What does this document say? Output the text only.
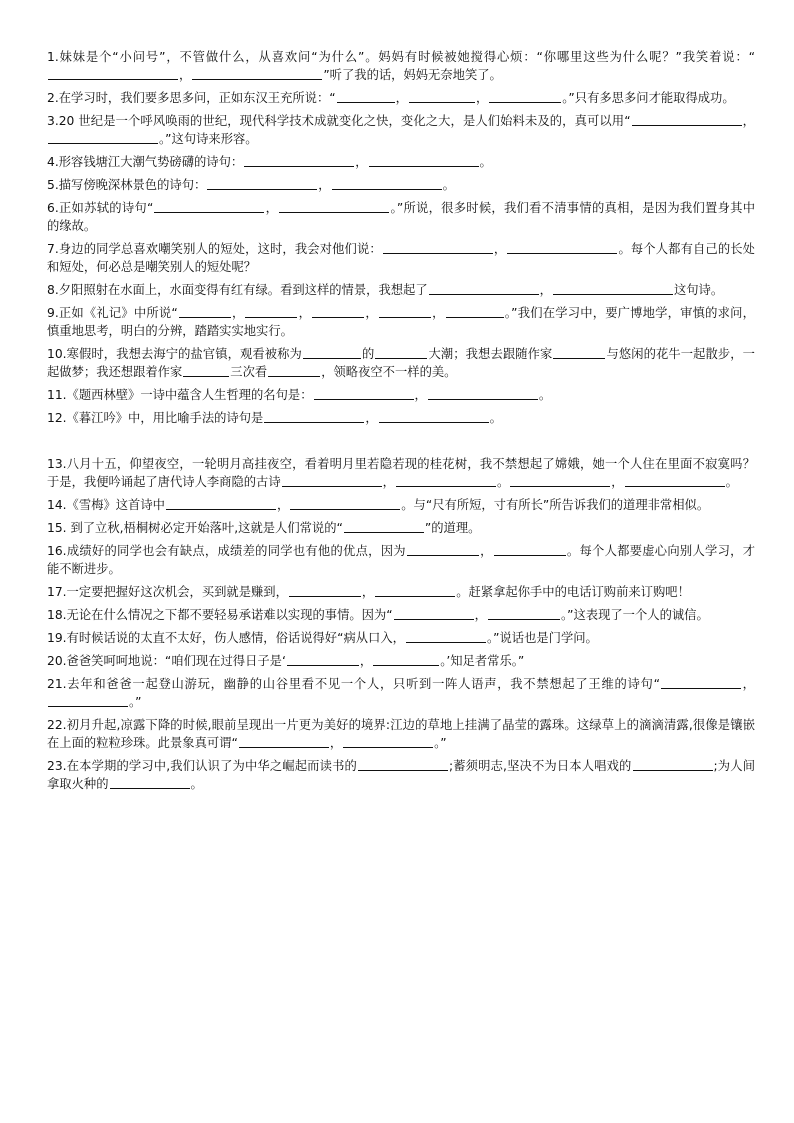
1.妹妹是个“小问号”，不管做什么，从喜欢问“为什么”。妈妈有时候被她搅得心烦：“你哪里这些为什么呢？”我笑着说：“，	”听了我的话，妈妈无奈地笑了。

2.在学习时，我们要多思多问，正如东汉王充所说：“	，	，	。”只有多思多问才能取得成功。

3.20 世纪是一个呼风唤雨的世纪，现代科学技术成就变化之快，变化之大，是人们始料未及的，真可以用“	，。”这句诗来形容。

4.形容钱塘江大潮气势磅礴的诗句：	，	。

5.描写傍晚深林景色的诗句：	，	。

6.正如苏轼的诗句“	，	。”所说，很多时候，我们看不清事情的真相，是因为我们置身其中的缘故。

7.身边的同学总喜欢嘲笑别人的短处，这时，我会对他们说：	，	。每个人都有自己的长处和短处，何必总是嘲笑别人的短处呢？

8.夕阳照射在水面上，水面变得有红有绿。看到这样的情景，我想起了	，	这句诗。

9.正如《礼记》中所说“	，	，	，	，	。”我们在学习中，要广博地学，审慎的求问，慎重地思考，明白的分辨，踏踏实实地实行。

10.寒假时，我想去海宁的盐官镇，观看被称为	的	大潮；我想去跟随作家	与悠闲的花牛一起散步，一起做梦；我还想跟着作家	三次看	，领略夜空不一样的美。

11.《题西林壁》一诗中蕴含人生哲理的名句是：	，	。

12.《暮江吟》中，用比喻手法的诗句是	，	。

13.八月十五，仰望夜空，一轮明月高挂夜空，看着明月里若隐若现的桂花树，我不禁想起了嫦娥，她一个人住在里面不寂寞吗？于是，我便吟诵起了唐代诗人李商隐的古诗	，	。	，	。

14.《雪梅》这首诗中	，	。与“尺有所短，寸有所长”所告诉我们的道理非常相似。

15. 到了立秋,梧桐树必定开始落叶,这就是人们常说的“	”的道理。

16.成绩好的同学也会有缺点，成绩差的同学也有他的优点，因为	，	。每个人都要虚心向别人学习，才能不断进步。

17.一定要把握好这次机会，买到就是赚到，	，	。赶紧拿起你手中的电话订购前来订购吧！

18.无论在什么情况之下都不要轻易承诺难以实现的事情。因为“	，	。”这表现了一个人的诚信。

19.有时候话说的太直不太好，伤人感情，俗话说得好“病从口入，	。”说话也是门学问。

20.爸爸笑呵呵地说：“咱们现在过得日子是‘	，	。’知足者常乐。”

21.去年和爸爸一起登山游玩，幽静的山谷里看不见一个人，只听到一阵人语声，我不禁想起了王维的诗句“	，。”

22.初月升起,凉露下降的时候,眼前呈现出一片更为美好的境界:江边的草地上挂满了晶莹的露珠。这绿草上的滴滴清露,很像是镶嵌在上面的粒粒珍珠。此景象真可谓“	，	。”

23.在本学期的学习中,我们认识了为中华之崛起而读书的	;蓄须明志,坚决不为日本人唱戏的	;为人间拿取火种的	。
